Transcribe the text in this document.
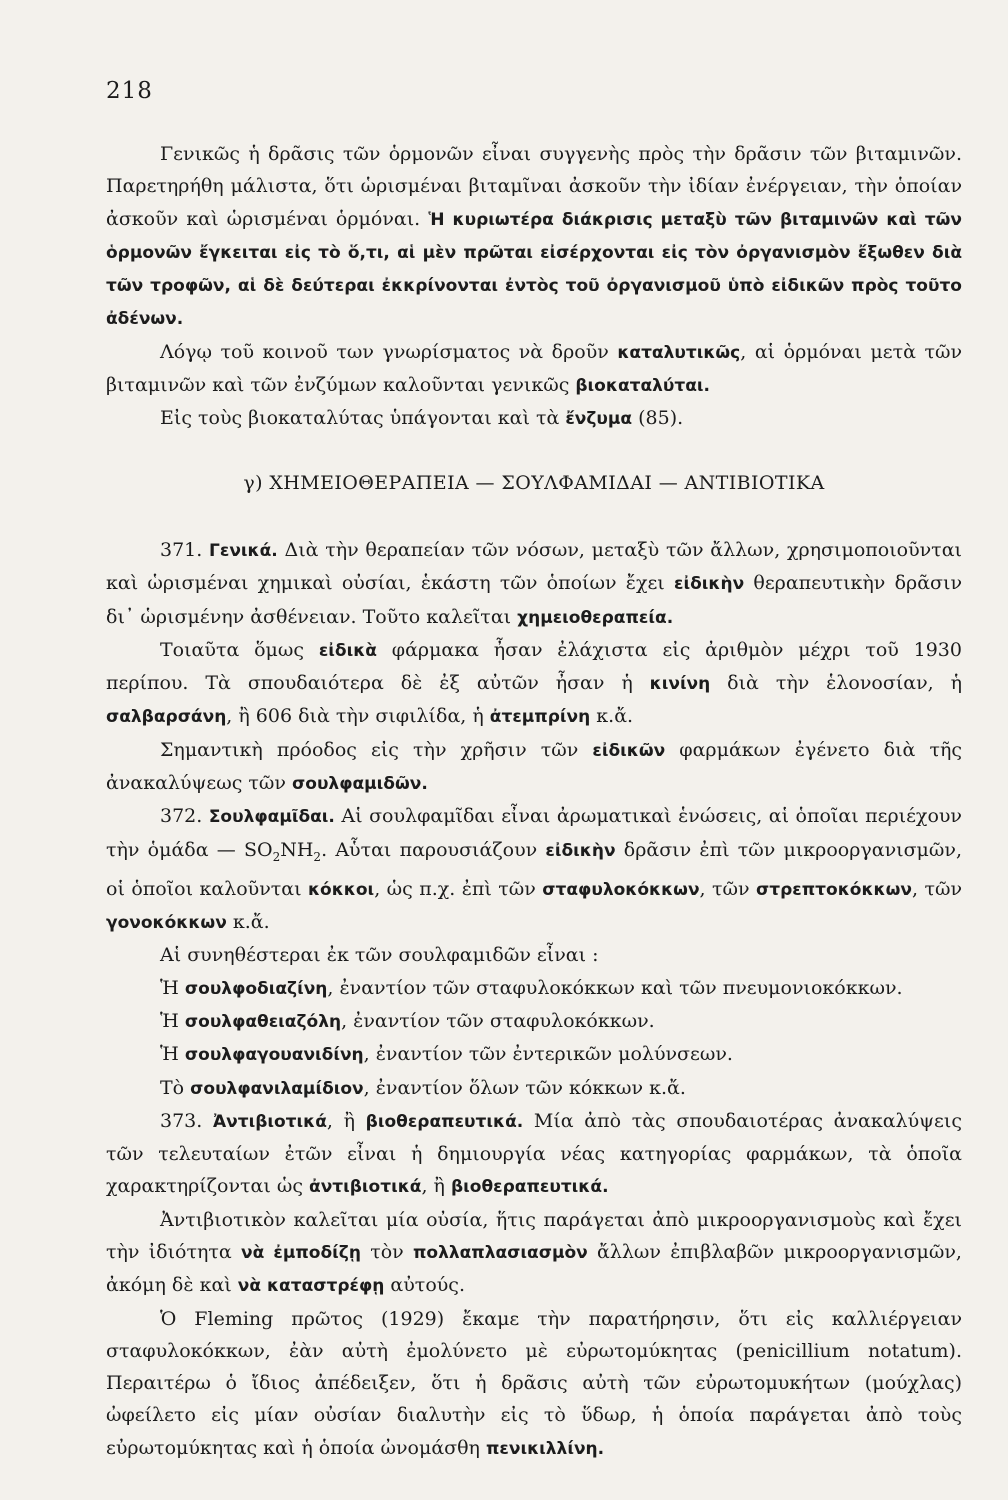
218

Γενικῶς ἡ δρᾶσις τῶν ὁρμονῶν εἶναι συγγενὴς πρὸς τὴν δρᾶσιν τῶν βιταμινῶν. Παρετηρήθη μάλιστα, ὅτι ὡρισμέναι βιταμῖναι ἀσκοῦν τὴν ἰδίαν ἐνέργειαν, τὴν ὁποίαν ἀσκοῦν καὶ ὡρισμέναι ὁρμόναι. Ἡ κυριωτέρα διάκρισις μεταξὺ τῶν βιταμινῶν καὶ τῶν ὁρμονῶν ἔγκειται εἰς τὸ ὅ,τι, αἱ μὲν πρῶται εἰσέρχονται εἰς τὸν ὀργανισμὸν ἔξωθεν διὰ τῶν τροφῶν, αἱ δὲ δεύτεραι ἐκκρίνονται ἐντὸς τοῦ ὀργανισμοῦ ὑπὸ εἰδικῶν πρὸς τοῦτο ἀδένων.

Λόγῳ τοῦ κοινοῦ των γνωρίσματος νὰ δροῦν καταλυτικῶς, αἱ ὁρμόναι μετὰ τῶν βιταμινῶν καὶ τῶν ἐνζύμων καλοῦνται γενικῶς βιοκαταλύται.

Εἰς τοὺς βιοκαταλύτας ὑπάγονται καὶ τὰ ἔνζυμα (85).

γ) ΧΗΜΕΙΟΘΕΡΑΠΕΙΑ — ΣΟΥΛΦΑΜΙΔΑΙ — ΑΝΤΙΒΙΟΤΙΚΑ

371. Γενικά. Διὰ τὴν θεραπείαν τῶν νόσων, μεταξὺ τῶν ἄλλων, χρησιμοποιοῦνται καὶ ὡρισμέναι χημικαὶ οὐσίαι, ἑκάστη τῶν ὁποίων ἔχει εἰδικὴν θεραπευτικὴν δρᾶσιν δι᾽ ὡρισμένην ἀσθένειαν. Τοῦτο καλεῖται χημειοθεραπεία.

Τοιαῦτα ὅμως εἰδικὰ φάρμακα ἦσαν ἐλάχιστα εἰς ἀριθμὸν μέχρι τοῦ 1930 περίπου. Τὰ σπουδαιότερα δὲ ἐξ αὐτῶν ἦσαν ἡ κινίνη διὰ τὴν ἑλονοσίαν, ἡ σαλβαρσάνη, ἢ 606 διὰ τὴν σιφιλίδα, ἡ ἀτεμπρίνη κ.ἄ.

Σημαντικὴ πρόοδος εἰς τὴν χρῆσιν τῶν εἰδικῶν φαρμάκων ἐγένετο διὰ τῆς ἀνακαλύψεως τῶν σουλφαμιδῶν.

372. Σουλφαμῖδαι. Αἱ σουλφαμῖδαι εἶναι ἀρωματικαὶ ἑνώσεις, αἱ ὁποῖαι περιέχουν τὴν ὁμάδα — $SO_2NH_2$. Αὗται παρουσιάζουν εἰδικὴν δρᾶσιν ἐπὶ τῶν μικροοργανισμῶν, οἱ ὁποῖοι καλοῦνται κόκκοι, ὡς π.χ. ἐπὶ τῶν σταφυλοκόκκων, τῶν στρεπτοκόκκων, τῶν γονοκόκκων κ.ἄ.

Αἱ συνηθέστεραι ἐκ τῶν σουλφαμιδῶν εἶναι :

Ἡ σουλφοδιαζίνη, ἐναντίον τῶν σταφυλοκόκκων καὶ τῶν πνευμονιοκόκκων.

Ἡ σουλφαθειαζόλη, ἐναντίον τῶν σταφυλοκόκκων.

Ἡ σουλφαγουανιδίνη, ἐναντίον τῶν ἐντερικῶν μολύνσεων.

Τὸ σουλφανιλαμίδιον, ἐναντίον ὅλων τῶν κόκκων κ.ἄ.

373. Ἀντιβιοτικά, ἢ βιοθεραπευτικά. Μία ἀπὸ τὰς σπουδαιοτέρας ἀνακαλύψεις τῶν τελευταίων ἐτῶν εἶναι ἡ δημιουργία νέας κατηγορίας φαρμάκων, τὰ ὁποῖα χαρακτηρίζονται ὡς ἀντιβιοτικά, ἢ βιοθεραπευτικά.

Ἀντιβιοτικὸν καλεῖται μία οὐσία, ἥτις παράγεται ἀπὸ μικροοργανισμοὺς καὶ ἔχει τὴν ἰδιότητα νὰ ἐμποδίζῃ τὸν πολλαπλασιασμὸν ἄλλων ἐπιβλαβῶν μικροοργανισμῶν, ἀκόμη δὲ καὶ νὰ καταστρέφῃ αὐτούς.

Ὁ Fleming πρῶτος (1929) ἔκαμε τὴν παρατήρησιν, ὅτι εἰς καλλιέργειαν σταφυλοκόκκων, ἐὰν αὐτὴ ἐμολύνετο μὲ εὐρωτομύκητας (penicillium notatum). Περαιτέρω ὁ ἴδιος ἀπέδειξεν, ὅτι ἡ δρᾶσις αὐτὴ τῶν εὐρωτομυκήτων (μούχλας) ὠφείλετο εἰς μίαν οὐσίαν διαλυτὴν εἰς τὸ ὕδωρ, ἡ ὁποία παράγεται ἀπὸ τοὺς εὐρωτομύκητας καὶ ἡ ὁποία ὠνομάσθη πενικιλλίνη.
